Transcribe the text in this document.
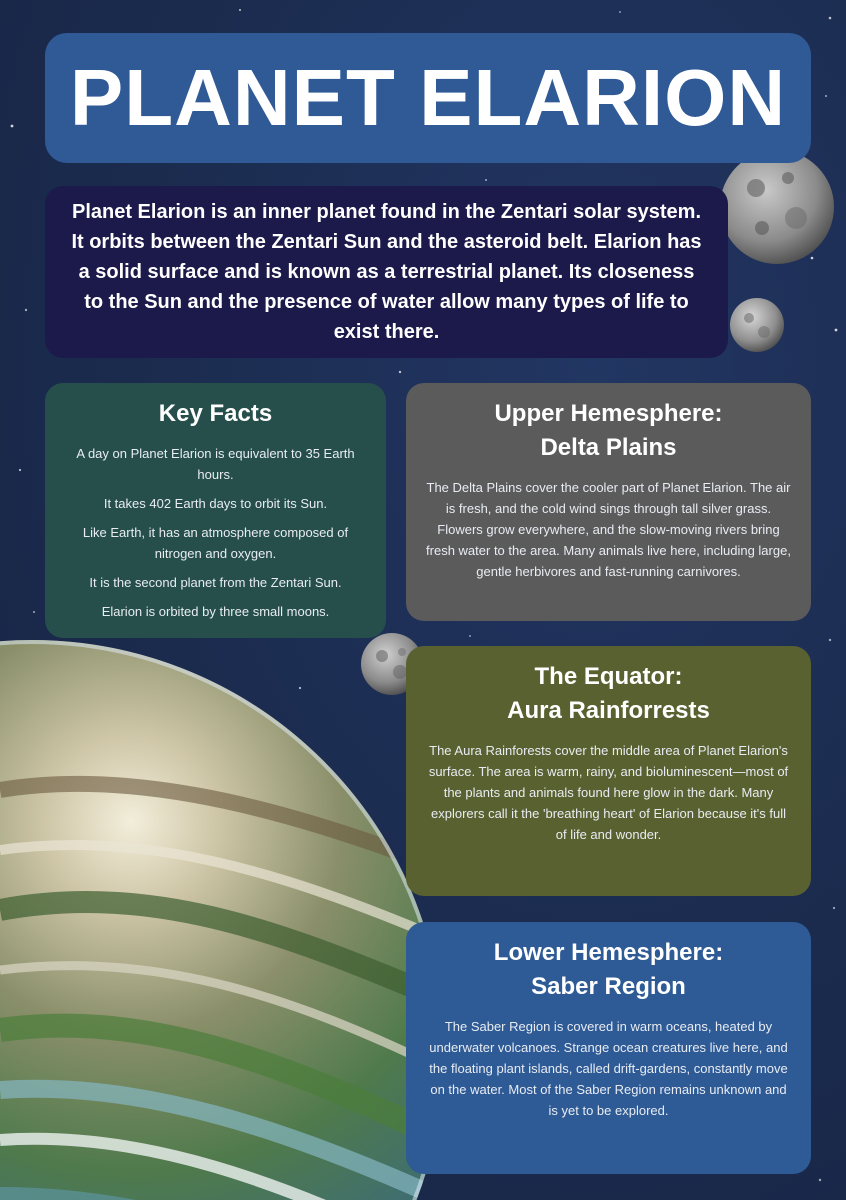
PLANET ELARION

Planet Elarion is an inner planet found in the Zentari solar system. It orbits between the Zentari Sun and the asteroid belt. Elarion has a solid surface and is known as a terrestrial planet. Its closeness to the Sun and the presence of water allow many types of life to exist there.

Key Facts

A day on Planet Elarion is equivalent to 35 Earth hours.

It takes 402 Earth days to orbit its Sun.

Like Earth, it has an atmosphere composed of nitrogen and oxygen.

It is the second planet from the Zentari Sun.

Elarion is orbited by three small moons.

Upper Hemesphere:
Delta Plains

The Delta Plains cover the cooler part of Planet Elarion. The air is fresh, and the cold wind sings through tall silver grass. Flowers grow everywhere, and the slow-moving rivers bring fresh water to the area. Many animals live here, including large, gentle herbivores and fast-running carnivores.

The Equator:
Aura Rainforrests

The Aura Rainforests cover the middle area of Planet Elarion's surface. The area is warm, rainy, and bioluminescent—most of the plants and animals found here glow in the dark. Many explorers call it the 'breathing heart' of Elarion because it's full of life and wonder.

Lower Hemesphere:
Saber Region

The Saber Region is covered in warm oceans, heated by underwater volcanoes. Strange ocean creatures live here, and the floating plant islands, called drift-gardens, constantly move on the water. Most of the Saber Region remains unknown and is yet to be explored.
